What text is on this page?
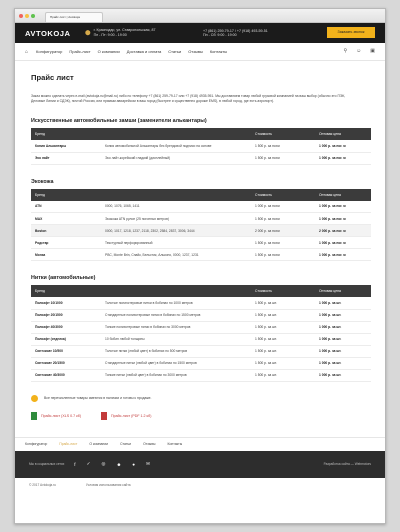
Прайс лист | Autokoja
AVTOKOJA	⬤ г. Краснодар, ул. Ставропольская, 87
Пн - Пт: 9:00 - 19:00
+7 (861) 259-79-17 / +7 (918) 493-59-51
Пн - Сб: 9:00 - 19:00
Заказать звонок
⌂ Конфигуратор Прайс-лист О компании Доставка и оплата Статьи Отзывы Контакты	⚲ ☺ ▣
Прайс лист

Заказ можно сделать через e-mail (avtokoja.ru@mail.ru) либо по телефону +7 (861) 259-79-17 или +7 (918) 4935-951. Мы доставляем товар любой грузовой компанией на ваш выбор (обычно это ПЭК, Деловые Линии и СДЭК), почтой России, или прямым авиарейсом в ваш город (быстрее и существенно дороже EMS), в любой город, где есть аэропорт).

Искусственные автомобильные замши (заменители алькантары)
Бренд		Стоимость	Оптовая цена
Копия Алькантары	Копия автомобильной Алькантары без брендовой подписи на основе	1 500 р. за пог.м	1 000 р. за пог. м
Эко лайт	Эко лайт-корейский гладкий (дисплейный)	1 500 р. за пог.м	1 000 р. за пог. м
Экокожа
Бренд		Стоимость	Оптовая цена
ATN	0000, 1076, 1065, 1411	1 000 р. за пог.м	1 000 р. за пог. м
MAX	Экокожа ATN рулон (25 погонных метров)	1 500 р. за пог.м	1 000 р. за пог. м
Boston	0000, 1017, 1218, 1237, 2118, 2302, 2584, 2837, 3006, 3444	2 000 р. за пог.м	2 000 р. за пог. м
Родстар	Текстурный перфорированный	1 500 р. за пог.м	1 000 р. за пог. м
Монза	PBC, Monte Brin, Спайк, Бельстик, Альконо, 0000, 1237, 1231	1 500 р. за пог.м	1 000 р. за пог. м
Нитки (автомобильные)
Бренд		Стоимость	Оптовая цена
Полиэфт 10/1000	Толстые полиэстеровые нитки в бобинах по 1000 метров	1 500 р. за шт.	1 000 р. за шт.
Полиэфт 20/1500	Стандартные полиэстеровые нитки в бобинах по 1500 метров	1 500 р. за шт.	1 000 р. за шт.
Полиэфт 40/3000	Тонкие полиэстеровые нитки в бобинах по 3000 метров	1 500 р. за шт.	1 000 р. за шт.
Полиэфт (отделка)	10 бобин любой толщины	1 500 р. за шт.	1 000 р. за шт.
Синтэкоат 10/500	Толстые нитки (любой цвет) в бобинах по 500 метров	1 500 р. за шт.	1 000 р. за шт.
Синтэкоат 20/1500	Стандартные нитки (любой цвет) в бобинах по 1500 метров	1 500 р. за шт.	1 000 р. за шт.
Синтэкоат 40/3000	Тонкие нитки (любой цвет) в бобинах по 3000 метров	1 500 р. за шт.	1 000 р. за шт.
Все перечисленные товары имеются в наличии и готовы к продаже.
Прайс-лист (XLS 0.7 кб)	Прайс-лист (PDF 1.2 кб)
Конфигуратор	Прайс-лист	О компании	Статьи	Отзывы	Контакты
Мы в социальных сетях f ✓ ◎ ☻ ● ✉	Разработка сайта — Webmotors
© 2017 Avtokoja.ru	Условия использования сайта
